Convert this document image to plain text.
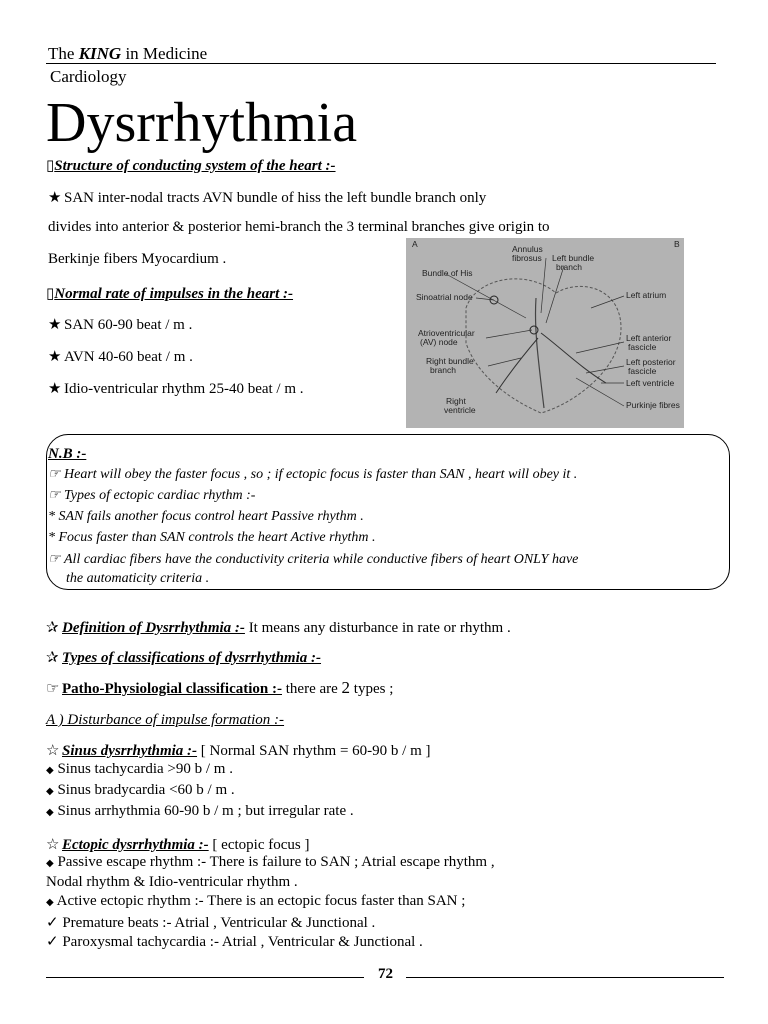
The KING in Medicine
Cardiology
Dysrrhythmia
▯Structure of conducting system of the heart :-
★ SAN inter-nodal tracts AVN bundle of hiss the left bundle branch only
divides into anterior & posterior hemi-branch the 3 terminal branches give origin to
Berkinje fibers Myocardium .
▯Normal rate of impulses in the heart :-
★ SAN 60-90 beat / m .
★ AVN 40-60 beat / m .
★ Idio-ventricular rhythm 25-40 beat / m .
A	B
Annulus
fibrosus Left bundle
branch
Bundle of His
Sinoatrial node	Left atrium
Atrioventricular
(AV) node	Left anterior
fascicle
Right bundle
branch
Left posterior
fascicle
Left ventricle
Right
ventricle	Purkinje fibres
N.B :-
☞ Heart will obey the faster focus , so ; if ectopic focus is faster than SAN , heart will obey it .
☞ Types of ectopic cardiac rhythm :-
* SAN fails another focus control heart Passive rhythm .
* Focus faster than SAN controls the heart Active rhythm .
☞ All cardiac fibers have the conductivity criteria while conductive fibers of heart ONLY have
the automaticity criteria .
✰ Definition of Dysrrhythmia :- It means any disturbance in rate or rhythm .
✰ Types of classifications of dysrrhythmia :-
☞ Patho-Physiologial classification :- there are 2 types ;
A ) Disturbance of impulse formation :-
☆ Sinus dysrrhythmia :- [ Normal SAN rhythm = 60-90 b / m ]
◆ Sinus tachycardia >90 b / m .
◆ Sinus bradycardia <60 b / m .
◆ Sinus arrhythmia 60-90 b / m ; but irregular rate .
☆ Ectopic dysrrhythmia :- [ ectopic focus ]
◆ Passive escape rhythm :- There is failure to SAN ; Atrial escape rhythm ,
Nodal rhythm & Idio-ventricular rhythm .
◆ Active ectopic rhythm :- There is an ectopic focus faster than SAN ;
✓ Premature beats :- Atrial , Ventricular & Junctional .
✓ Paroxysmal tachycardia :- Atrial , Ventricular & Junctional .
72
